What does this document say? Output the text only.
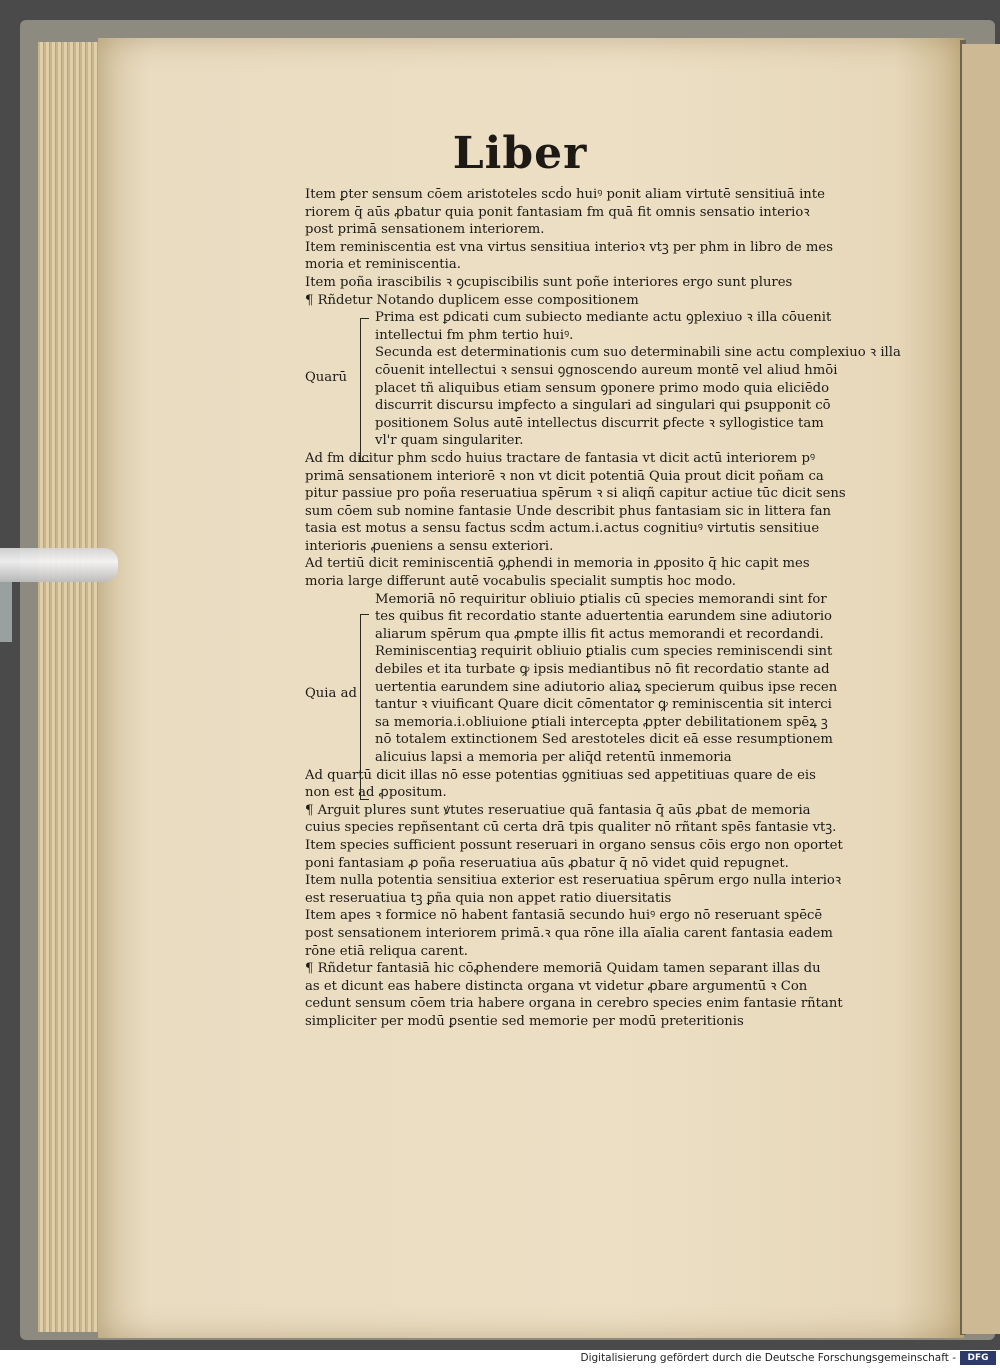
Liber
Quarū
Quia ad
Item ꝑter sensum cōem aristoteles scḋo huiꝰ ponit aliam virtutē sensitiuā inte
riorem q̄ aūs ꝓbatur quia ponit fantasiam fm quā fit omnis sensatio interioꝛ
post primā sensationem interiorem.
Item reminiscentia est vna virtus sensitiua interioꝛ vtꝫ per phm in libro de mes
moria et reminiscentia.
Item poña irascibilis ꝛ ꝯcupiscibilis sunt poñe interiores ergo sunt plures
¶ Rñdetur Notando duplicem esse compositionem
Prima est ꝑdicati cum subiecto mediante actu ꝯplexiuo ꝛ illa cōuenit
intellectui fm phm tertio huiꝰ.
Secunda est determinationis cum suo determinabili sine actu complexiuo ꝛ illa
cōuenit intellectui ꝛ sensui ꝯgnoscendo aureum montē vel aliud hmōi
placet tñ aliquibus etiam sensum ꝯponere primo modo quia eliciēdo
discurrit discursu imꝑfecto a singulari ad singulari qui ꝑsupponit cō
positionem Solus autē intellectus discurrit ꝑfecte ꝛ syllogistice tam
vl'r quam singulariter.
Ad fm dicitur phm scḋo huius tractare de fantasia vt dicit actū interiorem pꝰ
primā sensationem interiorē ꝛ non vt dicit potentiā Quia prout dicit poñam ca
pitur passiue pro poña reseruatiua spērum ꝛ si aliqñ capitur actiue tūc dicit sens
sum cōem sub nomine fantasie Unde describit phus fantasiam sic in littera fan
tasia est motus a sensu factus scḋm actum.i.actus cognitiuꝰ virtutis sensitiue
interioris ꝓueniens a sensu exteriori.
Ad tertiū dicit reminiscentiā ꝯꝓhendi in memoria in ꝓposito q̄ hic capit mes
moria large differunt autē vocabulis specialit sumptis hoc modo.
Memoriā nō requiritur obliuio ꝑtialis cū species memorandi sint for
tes quibus fit recordatio stante aduertentia earundem sine adiutorio
aliarum spērum qua ꝓmpte illis fit actus memorandi et recordandi.
Reminiscentiaꝫ requirit obliuio ꝑtialis cum species reminiscendi sint
debiles et ita turbate ꝙ ipsis mediantibus nō fit recordatio stante ad
uertentia earundem sine adiutorio aliaꝝ specierum quibus ipse recen
tantur ꝛ viuificant Quare dicit cōmentator ꝙ reminiscentia sit interci
sa memoria.i.obliuione ꝑtiali intercepta ꝓpter debilitationem spēꝝ ꝫ
nō totalem extinctionem Sed arestoteles dicit eā esse resumptionem
alicuius lapsi a memoria per aliq̄d retentū inmemoria
Ad quartū dicit illas nō esse potentias ꝯgnitiuas sed appetitiuas quare de eis
non est ad ꝓpositum.
¶ Arguit plures sunt ꝟtutes reseruatiue quā fantasia q̄ aūs ꝓbat de memoria
cuius species repñsentant cū certa drā tpis qualiter nō rñtant spēs fantasie vtꝫ.
Item species sufficient possunt reseruari in organo sensus cōis ergo non oportet
poni fantasiam ꝓ poña reseruatiua aūs ꝓbatur q̄ nō videt quid repugnet.
Item nulla potentia sensitiua exterior est reseruatiua spērum ergo nulla interioꝛ
est reseruatiua tꝫ ꝑña quia non appet ratio diuersitatis
Item apes ꝛ formice nō habent fantasiā secundo huiꝰ ergo nō reseruant spēcē
post sensationem interiorem primā.ꝛ qua rōne illa aīalia carent fantasia eadem
rōne etiā reliqua carent.
¶ Rñdetur fantasiā hic cōꝓhendere memoriā Quidam tamen separant illas du
as et dicunt eas habere distincta organa vt videtur ꝓbare argumentū ꝛ Con
cedunt sensum cōem tria habere organa in cerebro species enim fantasie rñtant
simpliciter per modū ꝑsentie sed memorie per modū preteritionis
Digitalisierung gefördert durch die Deutsche Forschungsgemeinschaft -	DFG
